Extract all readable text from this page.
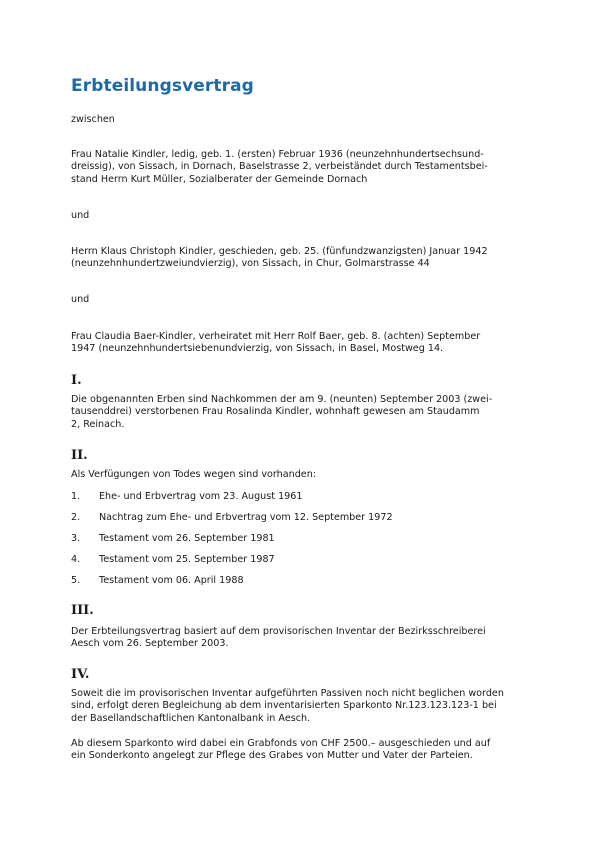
Erbteilungsvertrag

zwischen

Frau Natalie Kindler, ledig, geb. 1. (ersten) Februar 1936 (neunzehnhundertsechsund-
dreissig), von Sissach, in Dornach, Baselstrasse 2, verbeiständet durch Testamentsbei-
stand Herrn Kurt Müller, Sozialberater der Gemeinde Dornach

und

Herrn Klaus Christoph Kindler, geschieden, geb. 25. (fünfundzwanzigsten) Januar 1942
(neunzehnhundertzweiundvierzig), von Sissach, in Chur, Golmarstrasse 44

und

Frau Claudia Baer-Kindler, verheiratet mit Herr Rolf Baer, geb. 8. (achten) September
1947 (neunzehnhundertsiebenundvierzig, von Sissach, in Basel, Mostweg 14.
I.
Die obgenannten Erben sind Nachkommen der am 9. (neunten) September 2003 (zwei-
tausenddrei) verstorbenen Frau Rosalinda Kindler, wohnhaft gewesen am Staudamm
2, Reinach.
II.

Als Verfügungen von Todes wegen sind vorhanden:

1. Ehe- und Erbvertrag vom 23. August 1961
2. Nachtrag zum Ehe- und Erbvertrag vom 12. September 1972
3. Testament vom 26. September 1981
4. Testament vom 25. September 1987
5. Testament vom 06. April 1988
III.
Der Erbteilungsvertrag basiert auf dem provisorischen Inventar der Bezirksschreiberei
Aesch vom 26. September 2003.
IV.
Soweit die im provisorischen Inventar aufgeführten Passiven noch nicht beglichen worden
sind, erfolgt deren Begleichung ab dem inventarisierten Sparkonto Nr.123.123.123-1 bei
der Basellandschaftlichen Kantonalbank in Aesch.
Ab diesem Sparkonto wird dabei ein Grabfonds von CHF 2500.– ausgeschieden und auf
ein Sonderkonto angelegt zur Pflege des Grabes von Mutter und Vater der Parteien.
